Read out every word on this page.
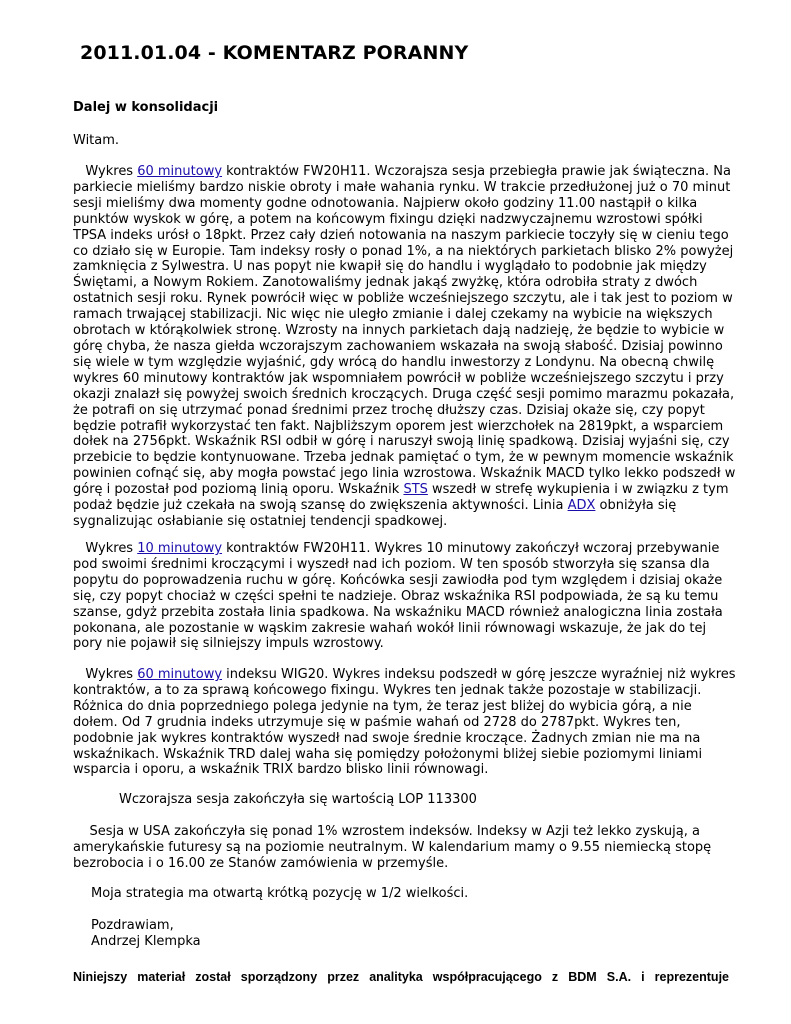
2011.01.04 - KOMENTARZ PORANNY
Dalej w konsolidacji
Witam.

Wykres 60 minutowy kontraktów FW20H11. Wczorajsza sesja przebiegła prawie jak świąteczna. Na parkiecie mieliśmy bardzo niskie obroty i małe wahania rynku. W trakcie przedłużonej już o 70 minut sesji mieliśmy dwa momenty godne odnotowania. Najpierw około godziny 11.00 nastąpił o kilka punktów wyskok w górę, a potem na końcowym fixingu dzięki nadzwyczajnemu wzrostowi spółki TPSA indeks urósł o 18pkt. Przez cały dzień notowania na naszym parkiecie toczyły się w cieniu tego co działo się w Europie. Tam indeksy rosły o ponad 1%, a na niektórych parkietach blisko 2% powyżej zamknięcia z Sylwestra. U nas popyt nie kwapił się do handlu i wyglądało to podobnie jak między Świętami, a Nowym Rokiem. Zanotowaliśmy jednak jakąś zwyżkę, która odrobiła straty z dwóch ostatnich sesji roku. Rynek powrócił więc w pobliże wcześniejszego szczytu, ale i tak jest to poziom w ramach trwającej stabilizacji. Nic więc nie uległo zmianie i dalej czekamy na wybicie na większych obrotach w którąkolwiek stronę. Wzrosty na innych parkietach dają nadzieję, że będzie to wybicie w górę chyba, że nasza giełda wczorajszym zachowaniem wskazała na swoją słabość. Dzisiaj powinno się wiele w tym względzie wyjaśnić, gdy wrócą do handlu inwestorzy z Londynu. Na obecną chwilę wykres 60 minutowy kontraktów jak wspomniałem powrócił w pobliże wcześniejszego szczytu i przy okazji znalazł się powyżej swoich średnich kroczących. Druga część sesji pomimo marazmu pokazała, że potrafi on się utrzymać ponad średnimi przez trochę dłuższy czas. Dzisiaj okaże się, czy popyt będzie potrafił wykorzystać ten fakt. Najbliższym oporem jest wierzchołek na 2819pkt, a wsparciem dołek na 2756pkt. Wskaźnik RSI odbił w górę i naruszył swoją linię spadkową. Dzisiaj wyjaśni się, czy przebicie to będzie kontynuowane. Trzeba jednak pamiętać o tym, że w pewnym momencie wskaźnik powinien cofnąć się, aby mogła powstać jego linia wzrostowa. Wskaźnik MACD tylko lekko podszedł w górę i pozostał pod poziomą linią oporu. Wskaźnik STS wszedł w strefę wykupienia i w związku z tym podaż będzie już czekała na swoją szansę do zwiększenia aktywności. Linia ADX obniżyła się sygnalizując osłabianie się ostatniej tendencji spadkowej.

Wykres 10 minutowy kontraktów FW20H11. Wykres 10 minutowy zakończył wczoraj przebywanie pod swoimi średnimi kroczącymi i wyszedł nad ich poziom. W ten sposób stworzyła się szansa dla popytu do poprowadzenia ruchu w górę. Końcówka sesji zawiodła pod tym względem i dzisiaj okaże się, czy popyt chociaż w części spełni te nadzieje. Obraz wskaźnika RSI podpowiada, że są ku temu szanse, gdyż przebita została linia spadkowa. Na wskaźniku MACD również analogiczna linia została pokonana, ale pozostanie w wąskim zakresie wahań wokół linii równowagi wskazuje, że jak do tej pory nie pojawił się silniejszy impuls wzrostowy.

Wykres 60 minutowy indeksu WIG20. Wykres indeksu podszedł w górę jeszcze wyraźniej niż wykres kontraktów, a to za sprawą końcowego fixingu. Wykres ten jednak także pozostaje w stabilizacji. Różnica do dnia poprzedniego polega jedynie na tym, że teraz jest bliżej do wybicia górą, a nie dołem. Od 7 grudnia indeks utrzymuje się w paśmie wahań od 2728 do 2787pkt. Wykres ten, podobnie jak wykres kontraktów wyszedł nad swoje średnie kroczące. Żadnych zmian nie ma na wskaźnikach. Wskaźnik TRD dalej waha się pomiędzy położonymi bliżej siebie poziomymi liniami wsparcia i oporu, a wskaźnik TRIX bardzo blisko linii równowagi.

Wczorajsza sesja zakończyła się wartością LOP 113300

Sesja w USA zakończyła się ponad 1% wzrostem indeksów. Indeksy w Azji też lekko zyskują, a amerykańskie futuresy są na poziomie neutralnym. W kalendarium mamy o 9.55 niemiecką stopę bezrobocia i o 16.00 ze Stanów zamówienia w przemyśle.

Moja strategia ma otwartą krótką pozycję w 1/2 wielkości.
Pozdrawiam,
Andrzej Klempka

Niniejszy materiał został sporządzony przez analityka współpracującego z BDM S.A. i reprezentuje
